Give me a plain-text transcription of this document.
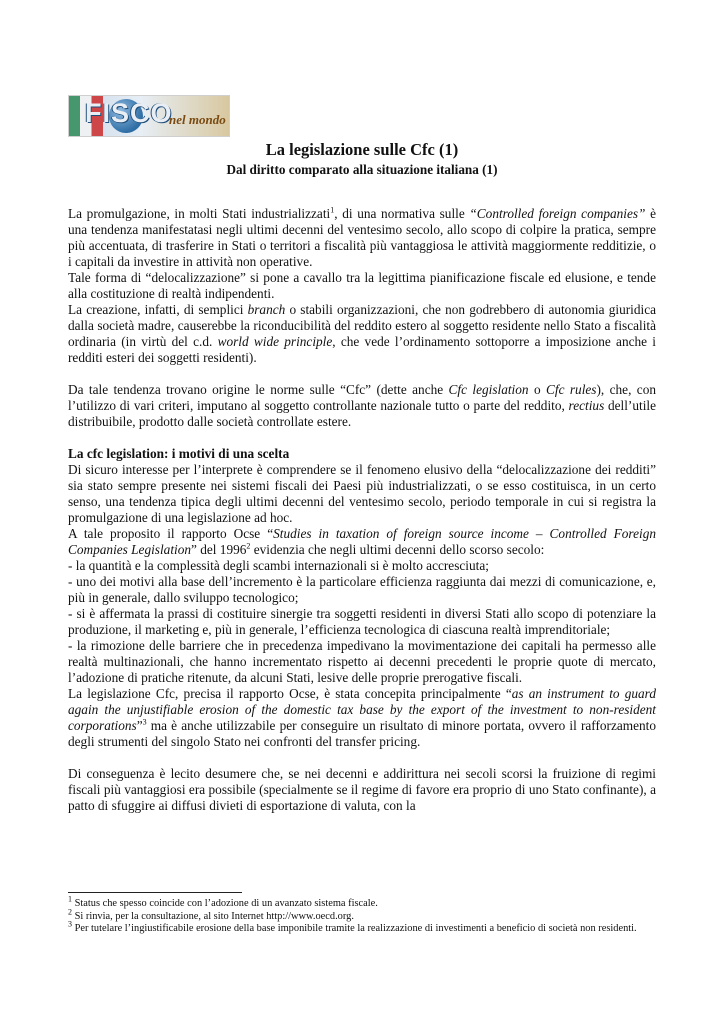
FISCO
nel mondo
La legislazione sulle Cfc (1)
Dal diritto comparato alla situazione italiana (1)

La promulgazione, in molti Stati industrializzati$^1$, di una normativa sulle “Controlled foreign companies” è una tendenza manifestatasi negli ultimi decenni del ventesimo secolo, allo scopo di colpire la pratica, sempre più accentuata, di trasferire in Stati o territori a fiscalità più vantaggiosa le attività maggiormente redditizie, o i capitali da investire in attività non operative.

Tale forma di “delocalizzazione” si pone a cavallo tra la legittima pianificazione fiscale ed elusione, e tende alla costituzione di realtà indipendenti.

La creazione, infatti, di semplici branch o stabili organizzazioni, che non godrebbero di autonomia giuridica dalla società madre, causerebbe la riconducibilità del reddito estero al soggetto residente nello Stato a fiscalità ordinaria (in virtù del c.d. world wide principle, che vede l’ordinamento sottoporre a imposizione anche i redditi esteri dei soggetti residenti).

Da tale tendenza trovano origine le norme sulle “Cfc” (dette anche Cfc legislation o Cfc rules), che, con l’utilizzo di vari criteri, imputano al soggetto controllante nazionale tutto o parte del reddito, rectius dell’utile distribuibile, prodotto dalle società controllate estere.

La cfc legislation: i motivi di una scelta

Di sicuro interesse per l’interprete è comprendere se il fenomeno elusivo della “delocalizzazione dei redditi” sia stato sempre presente nei sistemi fiscali dei Paesi più industrializzati, o se esso costituisca, in un certo senso, una tendenza tipica degli ultimi decenni del ventesimo secolo, periodo temporale in cui si registra la promulgazione di una legislazione ad hoc.

A tale proposito il rapporto Ocse “Studies in taxation of foreign source income – Controlled Foreign Companies Legislation” del 1996$^2$ evidenzia che negli ultimi decenni dello scorso secolo:

- la quantità e la complessità degli scambi internazionali si è molto accresciuta;

- uno dei motivi alla base dell’incremento è la particolare efficienza raggiunta dai mezzi di comunicazione, e, più in generale, dallo sviluppo tecnologico;

- si è affermata la prassi di costituire sinergie tra soggetti residenti in diversi Stati allo scopo di potenziare la produzione, il marketing e, più in generale, l’efficienza tecnologica di ciascuna realtà imprenditoriale;

- la rimozione delle barriere che in precedenza impedivano la movimentazione dei capitali ha permesso alle realtà multinazionali, che hanno incrementato rispetto ai decenni precedenti le proprie quote di mercato, l’adozione di pratiche ritenute, da alcuni Stati, lesive delle proprie prerogative fiscali.

La legislazione Cfc, precisa il rapporto Ocse, è stata concepita principalmente “as an instrument to guard again the unjustifiable erosion of the domestic tax base by the export of the investment to non-resident corporations”$^3$ ma è anche utilizzabile per conseguire un risultato di minore portata, ovvero il rafforzamento degli strumenti del singolo Stato nei confronti del transfer pricing.

Di conseguenza è lecito desumere che, se nei decenni e addirittura nei secoli scorsi la fruizione di regimi fiscali più vantaggiosi era possibile (specialmente se il regime di favore era proprio di uno Stato confinante), a patto di sfuggire ai diffusi divieti di esportazione di valuta, con la

$^1$ Status che spesso coincide con l’adozione di un avanzato sistema fiscale.

$^2$ Si rinvia, per la consultazione, al sito Internet http://www.oecd.org.

$^3$ Per tutelare l’ingiustificabile erosione della base imponibile tramite la realizzazione di investimenti a beneficio di società non residenti.
